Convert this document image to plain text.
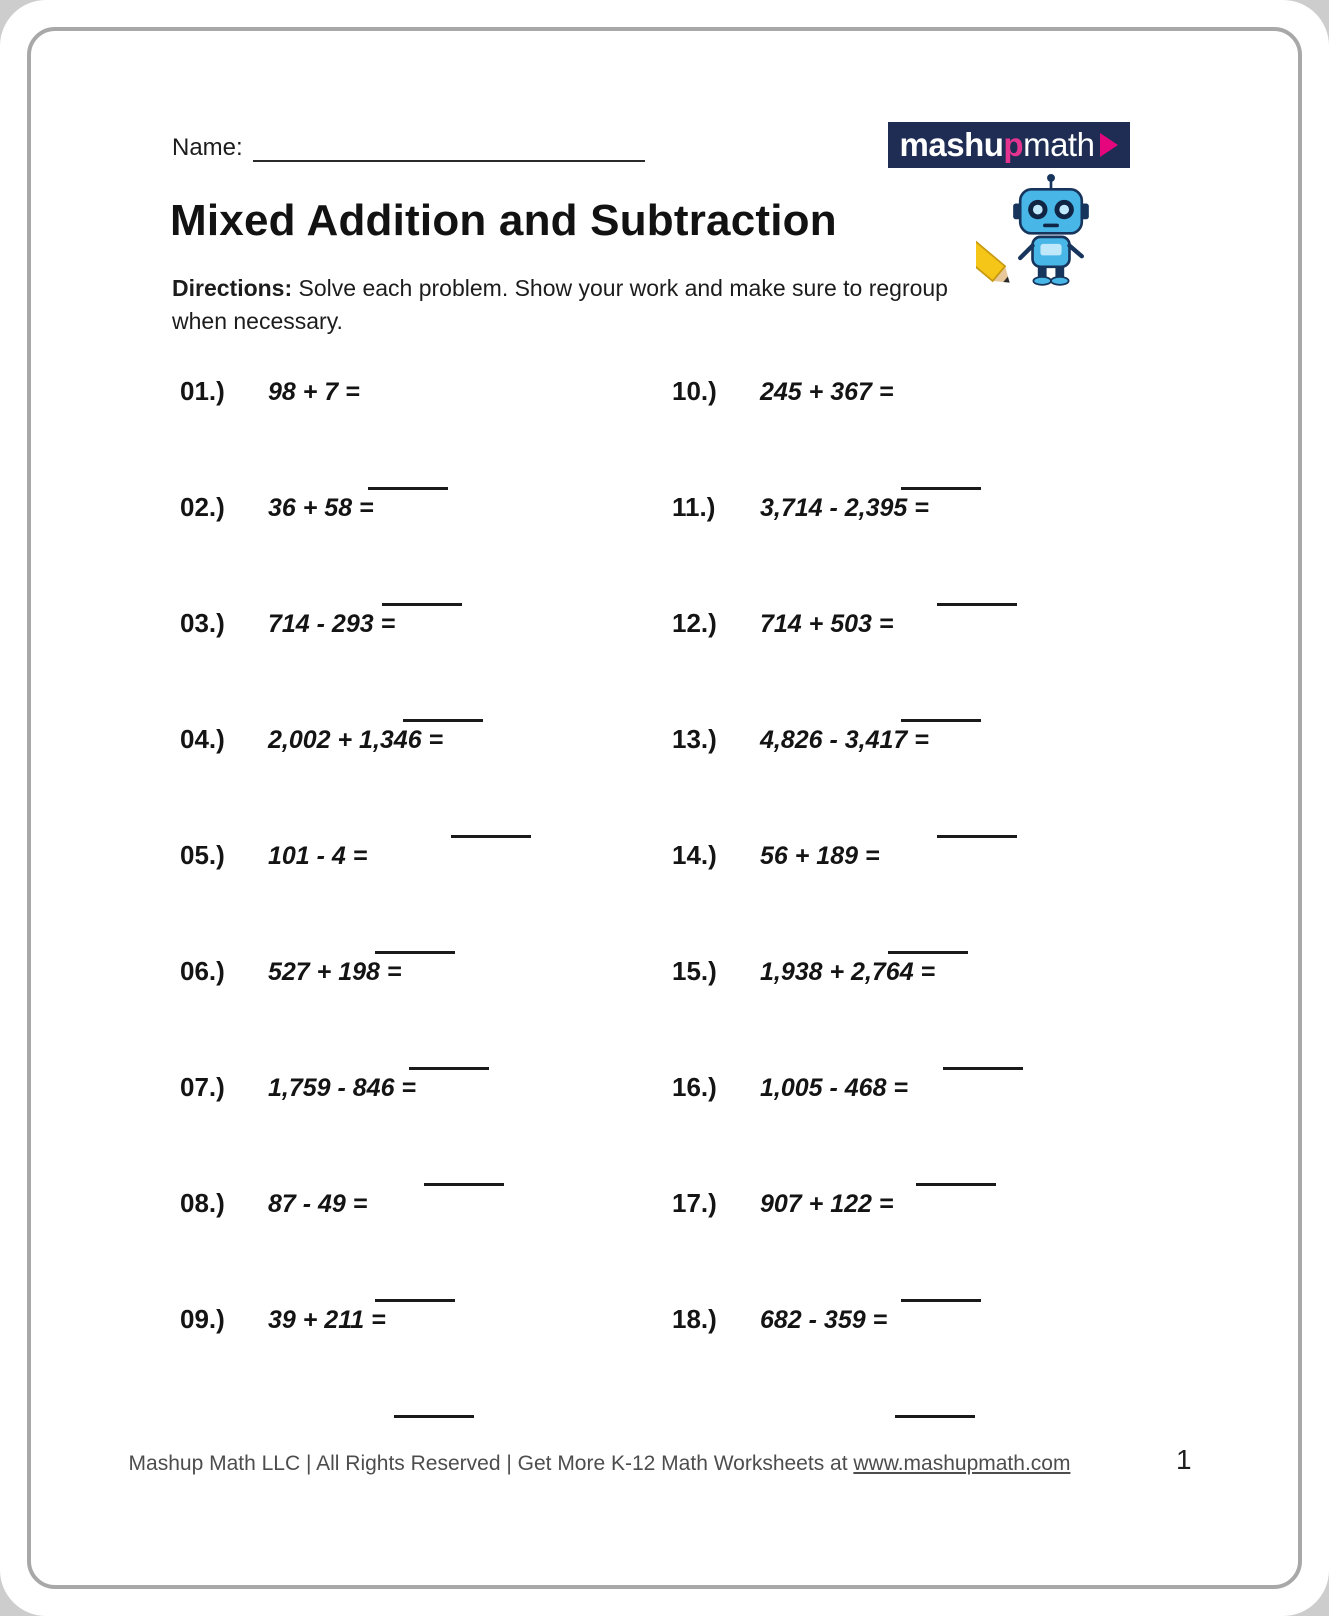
Name:	mashu p math
Mixed Addition and Subtraction

Directions: Solve each problem. Show your work and make sure to regroup when necessary.

01.)	98 + 7 =	10.)	245 + 367 =
02.)	36 + 58 =	11.)	3,714 - 2,395 =
03.)	714 - 293 =	12.)	714 + 503 =
04.)	2,002 + 1,346 =	13.)	4,826 - 3,417 =
05.)	101 - 4 =	14.)	56 + 189 =
06.)	527 + 198 =	15.)	1,938 + 2,764 =
07.)	1,759 - 846 =	16.)	1,005 - 468 =
08.)	87 - 49 =	17.)	907 + 122 =
09.)	39 + 211 =	18.)	682 - 359 =
Mashup Math LLC | All Rights Reserved | Get More K-12 Math Worksheets at www.mashupmath.com	1
